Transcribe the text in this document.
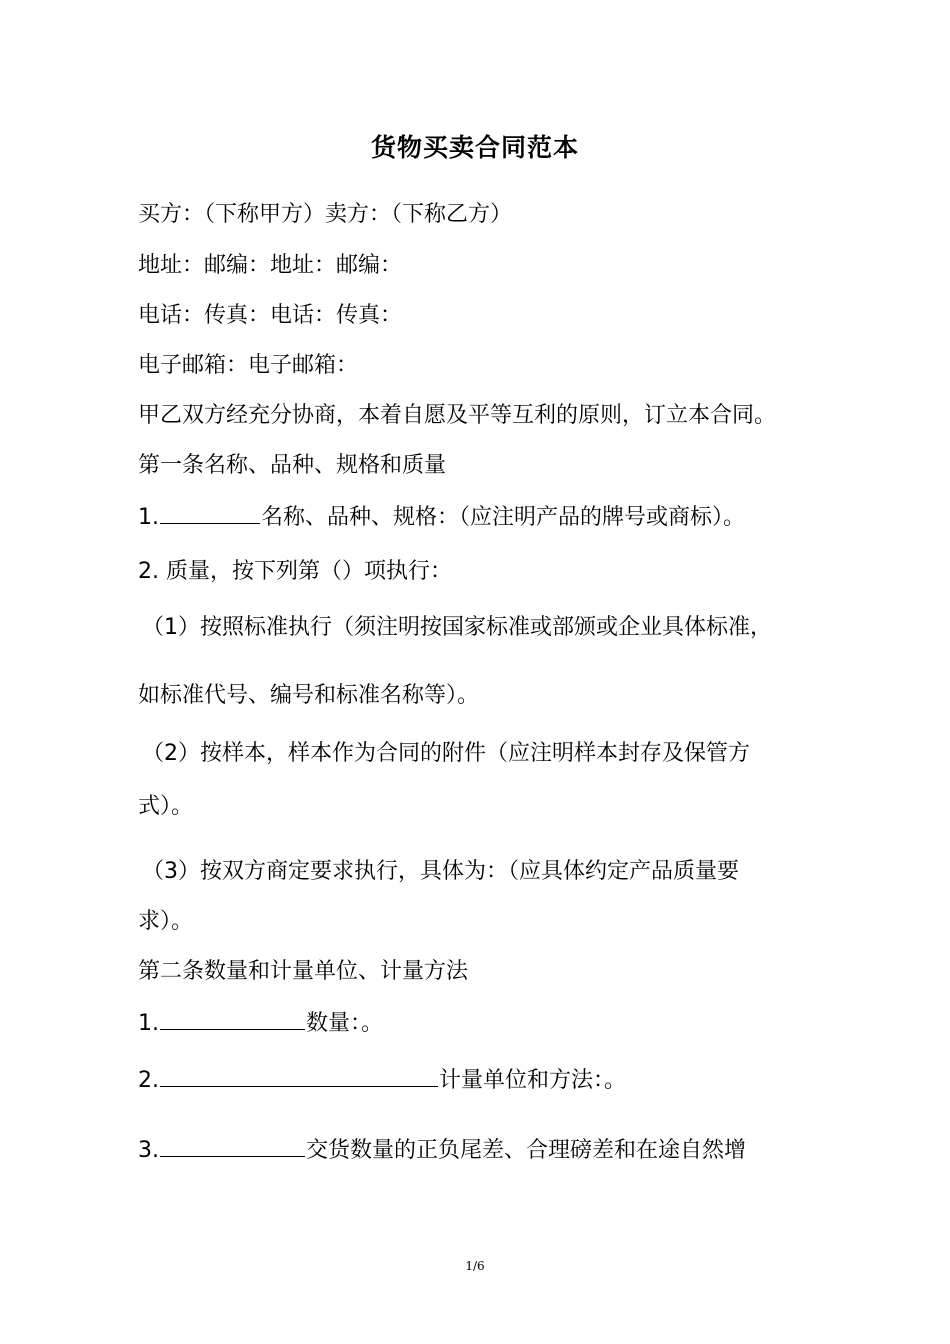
货物买卖合同范本
买方：（下称甲方）卖方：（下称乙方）
地址：邮编：地址：邮编：
电话：传真：电话：传真：
电子邮箱：电子邮箱：
甲乙双方经充分协商，本着自愿及平等互利的原则，订立本合同。
第一条名称、品种、规格和质量
1.	名称、品种、规格：（应注明产品的牌号或商标）。
2. 质量，按下列第（）项执行：
（1）按照标准执行（须注明按国家标准或部颁或企业具体标准，
如标准代号、编号和标准名称等）。
（2）按样本，样本作为合同的附件（应注明样本封存及保管方
式）。
（3）按双方商定要求执行，具体为：（应具体约定产品质量要
求）。
第二条数量和计量单位、计量方法
1.	数量：。
2.	计量单位和方法：。
3.	交货数量的正负尾差、合理磅差和在途自然增
1/6
